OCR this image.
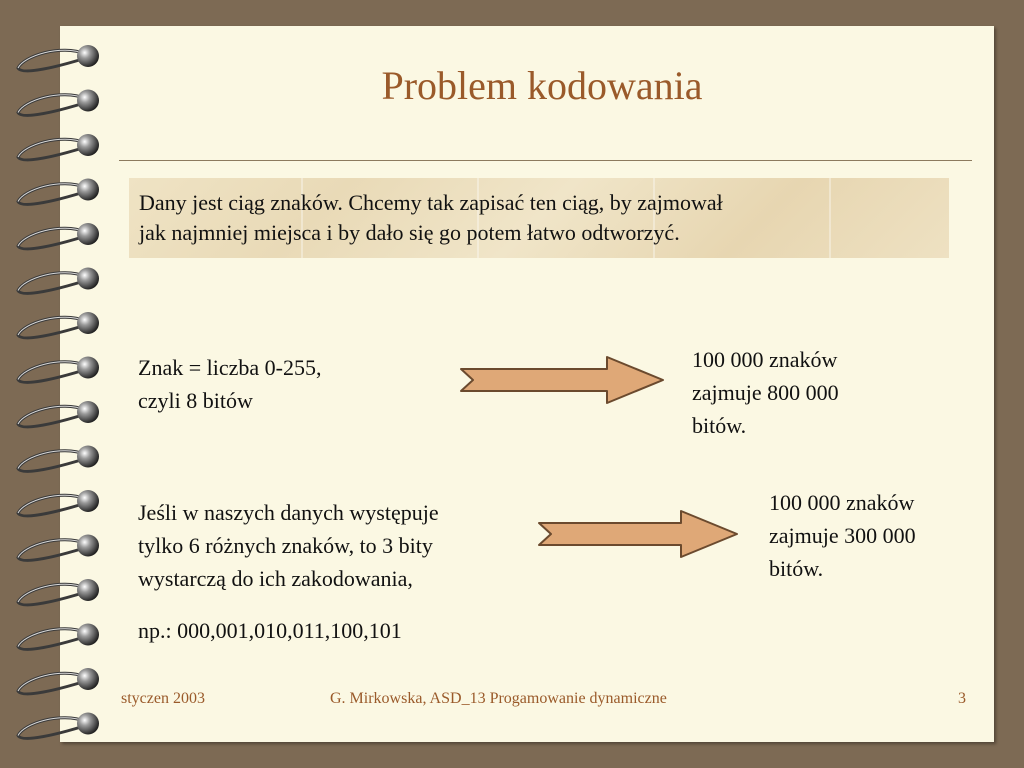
Problem kodowania
Dany jest ciąg znaków. Chcemy tak zapisać ten ciąg, by zajmował
jak najmniej miejsca i by dało się go potem łatwo odtworzyć.
Znak = liczba 0-255,
czyli 8 bitów
100 000 znaków
zajmuje 800 000
bitów.
Jeśli w naszych danych występuje
tylko 6 różnych znaków, to 3 bity
wystarczą do ich zakodowania,
np.: 000,001,010,011,100,101
100 000 znaków
zajmuje 300 000
bitów.
styczen 2003	G. Mirkowska, ASD_13 Progamowanie dynamiczne	3
